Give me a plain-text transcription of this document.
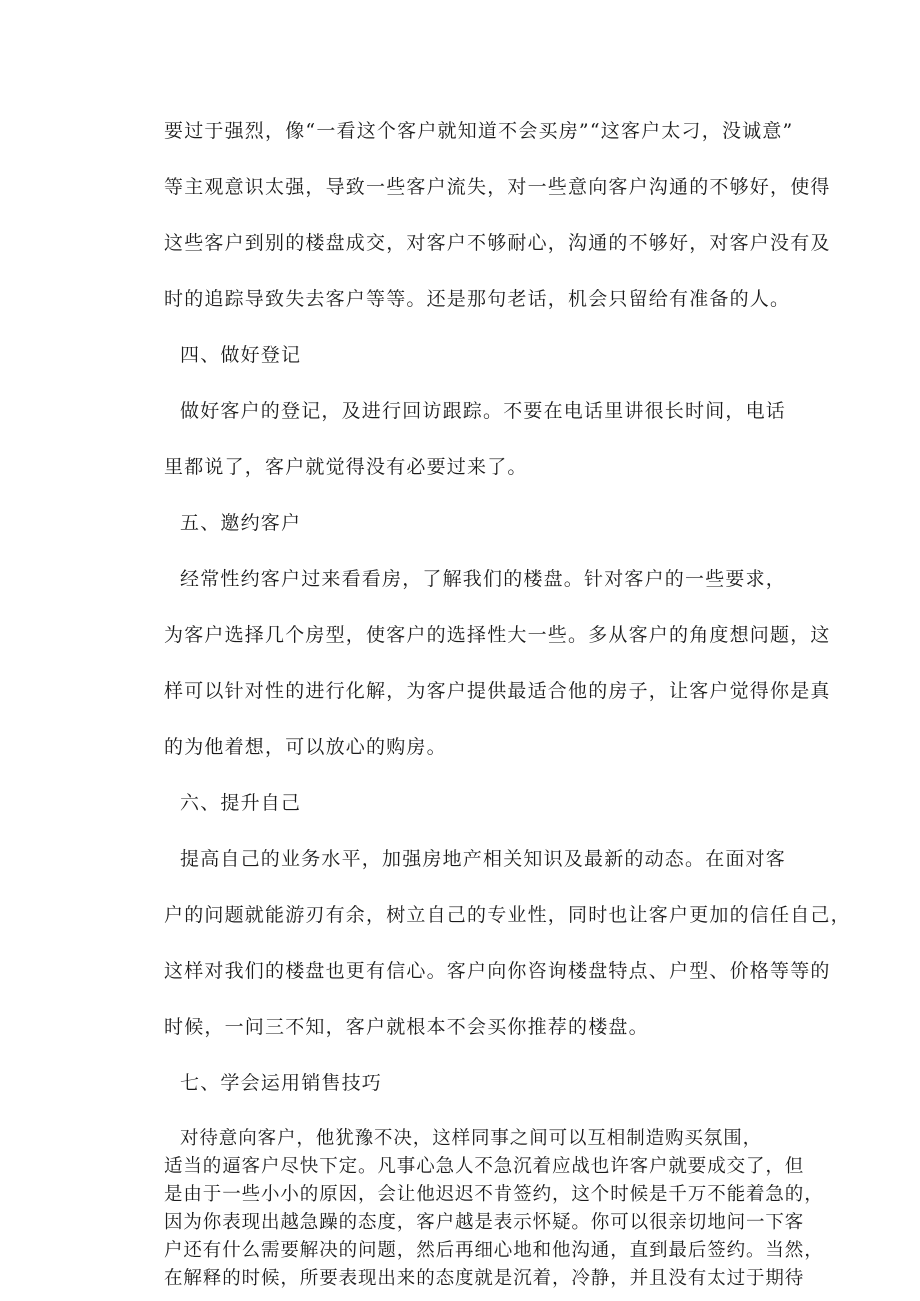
要过于强烈，像“一看这个客户就知道不会买房”“这客户太刁，没诚意”
等主观意识太强，导致一些客户流失，对一些意向客户沟通的不够好，使得
这些客户到别的楼盘成交，对客户不够耐心，沟通的不够好，对客户没有及
时的追踪导致失去客户等等。还是那句老话，机会只留给有准备的人。
四、做好登记
做好客户的登记，及进行回访跟踪。不要在电话里讲很长时间，电话
里都说了，客户就觉得没有必要过来了。
五、邀约客户
经常性约客户过来看看房，了解我们的楼盘。针对客户的一些要求，
为客户选择几个房型，使客户的选择性大一些。多从客户的角度想问题，这
样可以针对性的进行化解，为客户提供最适合他的房子，让客户觉得你是真
的为他着想，可以放心的购房。
六、提升自己
提高自己的业务水平，加强房地产相关知识及最新的动态。在面对客
户的问题就能游刃有余，树立自己的专业性，同时也让客户更加的信任自己，
这样对我们的楼盘也更有信心。客户向你咨询楼盘特点、户型、价格等等的
时候，一问三不知，客户就根本不会买你推荐的楼盘。
七、学会运用销售技巧
对待意向客户，他犹豫不决，这样同事之间可以互相制造购买氛围，
适当的逼客户尽快下定。凡事心急人不急沉着应战也许客户就要成交了，但
是由于一些小小的原因，会让他迟迟不肯签约，这个时候是千万不能着急的，
因为你表现出越急躁的态度，客户越是表示怀疑。你可以很亲切地问一下客
户还有什么需要解决的问题，然后再细心地和他沟通，直到最后签约。当然，
在解释的时候，所要表现出来的态度就是沉着，冷静，并且没有太过于期待
